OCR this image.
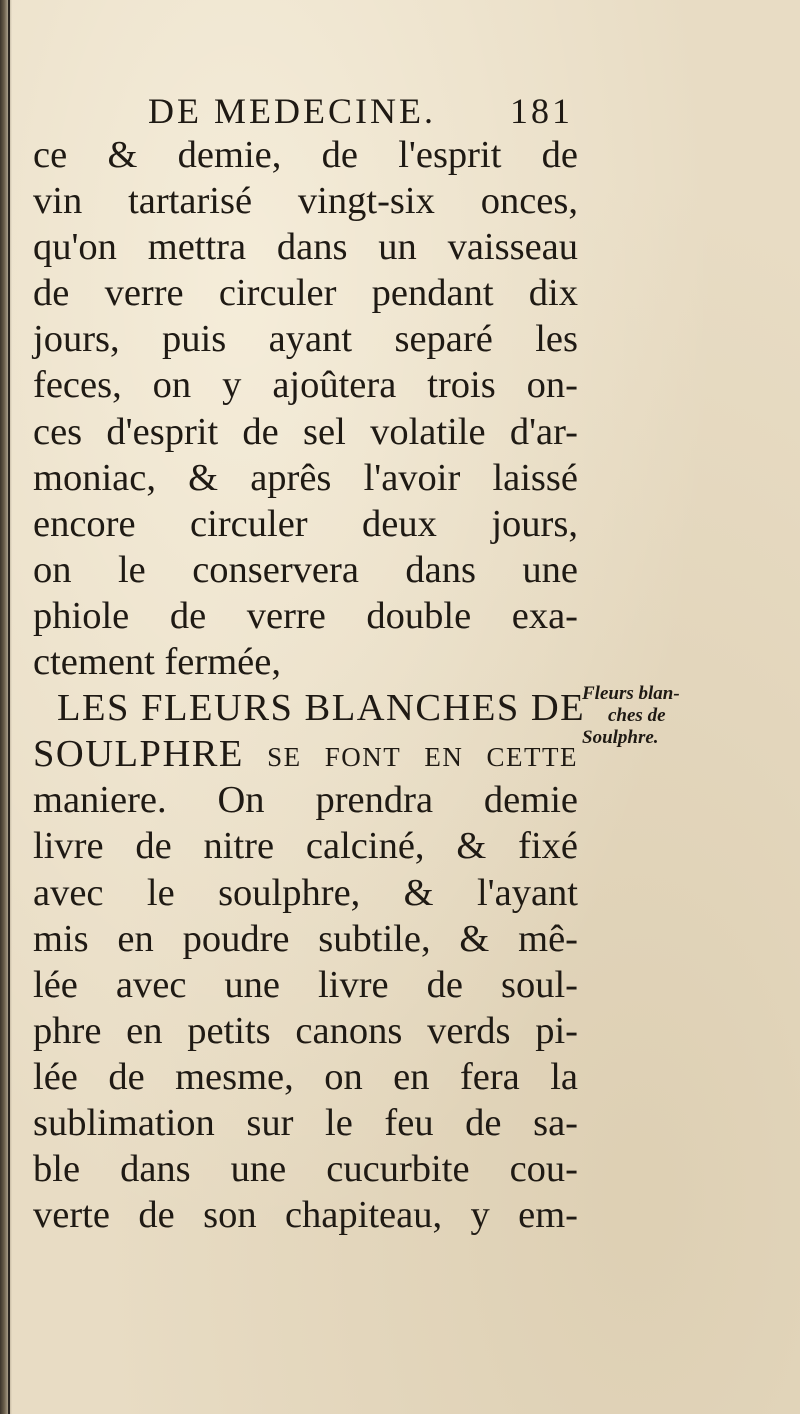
DE MEDECINE. 181
ce & demie, de l'esprit de
vin tartarisé vingt-six onces,
qu'on mettra dans un vaisseau
de verre circuler pendant dix
jours, puis ayant separé les
feces, on y ajoûtera trois on-
ces d'esprit de sel volatile d'ar-
moniac, & aprês l'avoir laissé
encore circuler deux jours,
on le conservera dans une
phiole de verre double exa-
ctement fermée,
LES FLEURS BLANCHES DE
SOULPHRE se font en cette
maniere. On prendra demie
livre de nitre calciné, & fixé
avec le soulphre, & l'ayant
mis en poudre subtile, & mê-
lée avec une livre de soul-
phre en petits canons verds pi-
lée de mesme, on en fera la
sublimation sur le feu de sa-
ble dans une cucurbite cou-
verte de son chapiteau, y em-
Fleurs blan-
ches de
Soulphre.
